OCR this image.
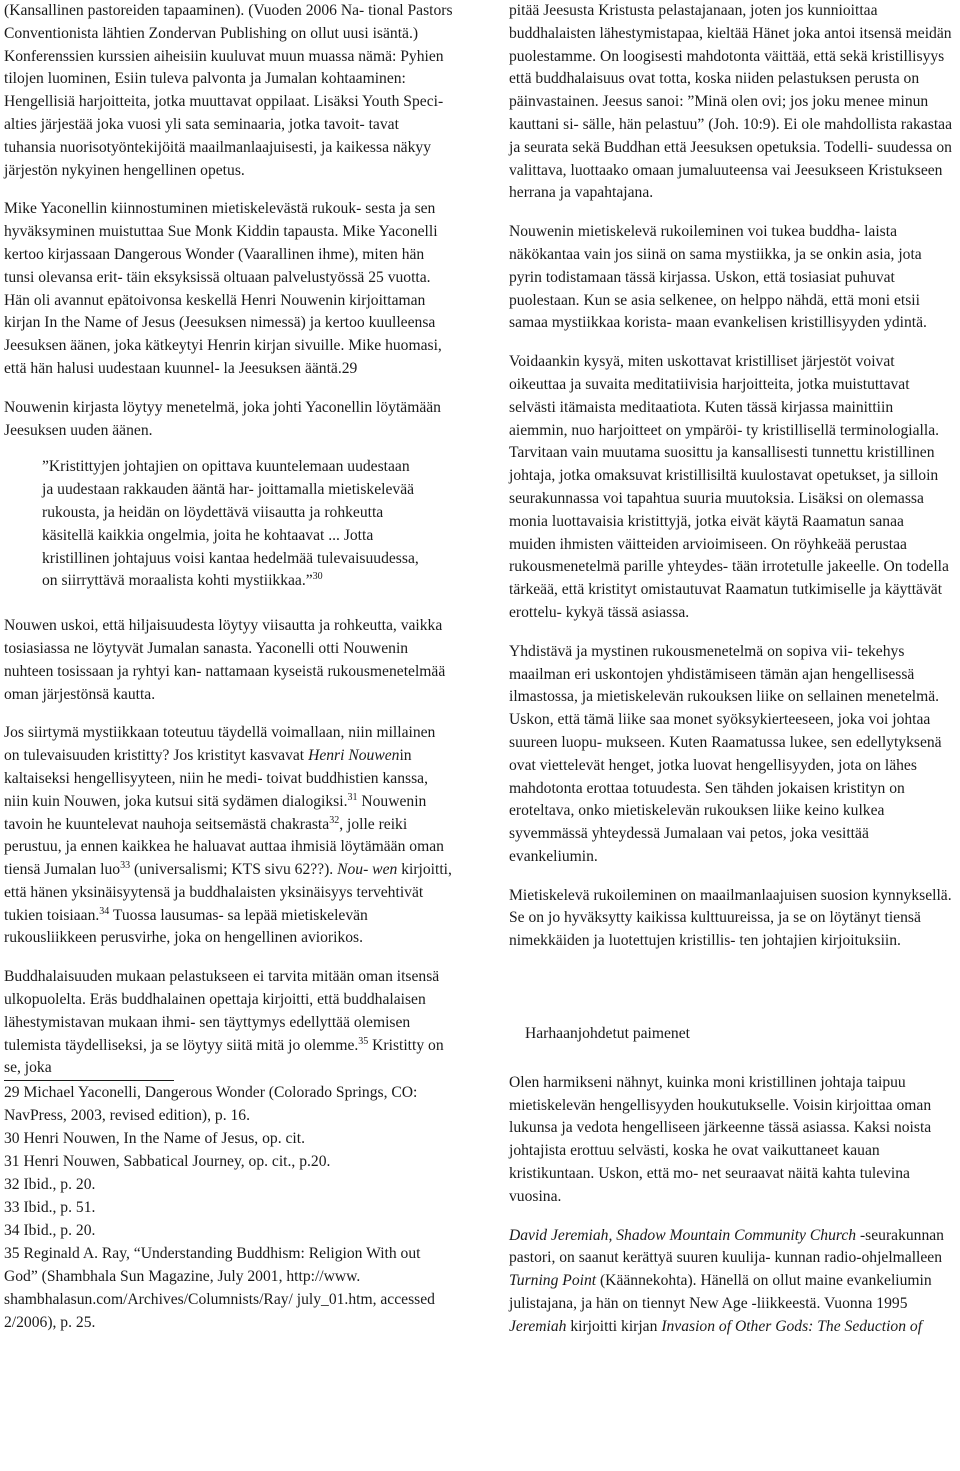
(Kansallinen pastoreiden tapaaminen). (Vuoden 2006 Na- tional Pastors Conventionista lähtien Zondervan Publishing on ollut uusi isäntä.) Konferenssien kurssien aiheisiin kuuluvat muun muassa nämä: Pyhien tilojen luominen, Esiin tuleva palvonta ja Jumalan kohtaaminen: Hengellisiä harjoitteita, jotka muuttavat oppilaat. Lisäksi Youth Speci- alties järjestää joka vuosi yli sata seminaaria, jotka tavoit- tavat tuhansia nuorisotyöntekijöitä maailmanlaajuisesti, ja kaikessa näkyy järjestön nykyinen hengellinen opetus.

Mike Yaconellin kiinnostuminen mietiskelevästä rukouk- sesta ja sen hyväksyminen muistuttaa Sue Monk Kiddin tapausta. Mike Yaconelli kertoo kirjassaan Dangerous Wonder (Vaarallinen ihme), miten hän tunsi olevansa erit- täin eksyksissä oltuaan palvelustyössä 25 vuotta. Hän oli avannut epätoivonsa keskellä Henri Nouwenin kirjoittaman kirjan In the Name of Jesus (Jeesuksen nimessä) ja kertoo kuulleensa Jeesuksen äänen, joka kätkeytyi Henrin kirjan sivuille. Mike huomasi, että hän halusi uudestaan kuunnel- la Jeesuksen ääntä.29

Nouwenin kirjasta löytyy menetelmä, joka johti Yaconellin löytämään Jeesuksen uuden äänen.

”Kristittyjen johtajien on opittava kuuntelemaan uudestaan ja uudestaan rakkauden ääntä har- joittamalla mietiskelevää rukousta, ja heidän on löydettävä viisautta ja rohkeutta käsitellä kaikkia ongelmia, joita he kohtaavat ... Jotta kristillinen johtajuus voisi kantaa hedelmää tulevaisuudessa, on siirryttävä moraalista kohti mystiikkaa.”$^{30}$

Nouwen uskoi, että hiljaisuudesta löytyy viisautta ja rohkeutta, vaikka tosiasiassa ne löytyvät Jumalan sanasta. Yaconelli otti Nouwenin nuhteen tosissaan ja ryhtyi kan- nattamaan kyseistä rukousmenetelmää oman järjestönsä kautta.

Jos siirtymä mystiikkaan toteutuu täydellä voimallaan, niin millainen on tulevaisuuden kristitty? Jos kristityt kasvavat Henri Nouwenin kaltaiseksi hengellisyyteen, niin he medi- toivat buddhistien kanssa, niin kuin Nouwen, joka kutsui sitä sydämen dialogiksi.$^{31}$ Nouwenin tavoin he kuuntelevat nauhoja seitsemästä chakrasta$^{32}$, jolle reiki perustuu, ja ennen kaikkea he haluavat auttaa ihmisiä löytämään oman tiensä Jumalan luo$^{33}$ (universalismi; KTS sivu 62??). Nou- wen kirjoitti, että hänen yksinäisyytensä ja buddhalaisten yksinäisyys tervehtivät tukien toisiaan.$^{34}$ Tuossa lausumas- sa lepää mietiskelevän rukousliikkeen perusvirhe, joka on hengellinen aviorikos.

Buddhalaisuuden mukaan pelastukseen ei tarvita mitään oman itsensä ulkopuolelta. Eräs buddhalainen opettaja kirjoitti, että buddhalaisen lähestymistavan mukaan ihmi- sen täyttymys edellyttää olemisen tulemista täydelliseksi, ja se löytyy siitä mitä jo olemme.$^{35}$ Kristitty on se, joka

29 Michael Yaconelli, Dangerous Wonder (Colorado Springs, CO: NavPress, 2003, revised edition), p. 16.

30 Henri Nouwen, In the Name of Jesus, op. cit.

31 Henri Nouwen, Sabbatical Journey, op. cit., p.20.

32 Ibid., p. 20.

33 Ibid., p. 51.

34 Ibid., p. 20.

35 Reginald A. Ray, “Understanding Buddhism: Religion With out God” (Shambhala Sun Magazine, July 2001, http://www. shambhalasun.com/Archives/Columnists/Ray/ july_01.htm, accessed 2/2006), p. 25.

pitää Jeesusta Kristusta pelastajanaan, joten jos kunnioittaa buddhalaisten lähestymistapaa, kieltää Hänet joka antoi itsensä meidän puolestamme. On loogisesti mahdotonta väittää, että sekä kristillisyys että buddhalaisuus ovat totta, koska niiden pelastuksen perusta on päinvastainen. Jeesus sanoi: ”Minä olen ovi; jos joku menee minun kauttani si- sälle, hän pelastuu” (Joh. 10:9). Ei ole mahdollista rakastaa ja seurata sekä Buddhan että Jeesuksen opetuksia. Todelli- suudessa on valittava, luottaako omaan jumaluuteensa vai Jeesukseen Kristukseen herrana ja vapahtajana.

Nouwenin mietiskelevä rukoileminen voi tukea buddha- laista näkökantaa vain jos siinä on sama mystiikka, ja se onkin asia, jota pyrin todistamaan tässä kirjassa. Uskon, että tosiasiat puhuvat puolestaan. Kun se asia selkenee, on helppo nähdä, että moni etsii samaa mystiikkaa korista- maan evankelisen kristillisyyden ydintä.

Voidaankin kysyä, miten uskottavat kristilliset järjestöt voivat oikeuttaa ja suvaita meditatiivisia harjoitteita, jotka muistuttavat selvästi itämaista meditaatiota. Kuten tässä kirjassa mainittiin aiemmin, nuo harjoitteet on ympäröi- ty kristillisellä terminologialla. Tarvitaan vain muutama suosittu ja kansallisesti tunnettu kristillinen johtaja, jotka omaksuvat kristillisiltä kuulostavat opetukset, ja silloin seurakunnassa voi tapahtua suuria muutoksia. Lisäksi on olemassa monia luottavaisia kristittyjä, jotka eivät käytä Raamatun sanaa muiden ihmisten väitteiden arvioimiseen. On röyhkeää perustaa rukousmenetelmä parille yhteydes- tään irrotetulle jakeelle. On todella tärkeää, että kristityt omistautuvat Raamatun tutkimiselle ja käyttävät erottelu- kykyä tässä asiassa.

Yhdistävä ja mystinen rukousmenetelmä on sopiva vii- tekehys maailman eri uskontojen yhdistämiseen tämän ajan hengellisessä ilmastossa, ja mietiskelevän rukouksen liike on sellainen menetelmä. Uskon, että tämä liike saa monet syöksykierteeseen, joka voi johtaa suureen luopu- mukseen. Kuten Raamatussa lukee, sen edellytyksenä ovat viettelevät henget, jotka luovat hengellisyyden, jota on lähes mahdotonta erottaa totuudesta. Sen tähden jokaisen kristityn on eroteltava, onko mietiskelevän rukouksen liike keino kulkea syvemmässä yhteydessä Jumalaan vai petos, joka vesittää evankeliumin.

Mietiskelevä rukoileminen on maailmanlaajuisen suosion kynnyksellä. Se on jo hyväksytty kaikissa kulttuureissa, ja se on löytänyt tiensä nimekkäiden ja luotettujen kristillis- ten johtajien kirjoituksiin.

Harhaanjohdetut paimenet

Olen harmikseni nähnyt, kuinka moni kristillinen johtaja taipuu mietiskelevän hengellisyyden houkutukselle. Voisin kirjoittaa oman lukunsa ja vedota hengelliseen järkeenne tässä asiassa. Kaksi noista johtajista erottuu selvästi, koska he ovat vaikuttaneet kauan kristikuntaan. Uskon, että mo- net seuraavat näitä kahta tulevina vuosina.

David Jeremiah, Shadow Mountain Community Church -seurakunnan pastori, on saanut kerättyä suuren kuulija- kunnan radio-ohjelmalleen Turning Point (Käännekohta). Hänellä on ollut maine evankeliumin julistajana, ja hän on tiennyt New Age -liikkeestä. Vuonna 1995 Jeremiah kirjoitti kirjan Invasion of Other Gods: The Seduction of
